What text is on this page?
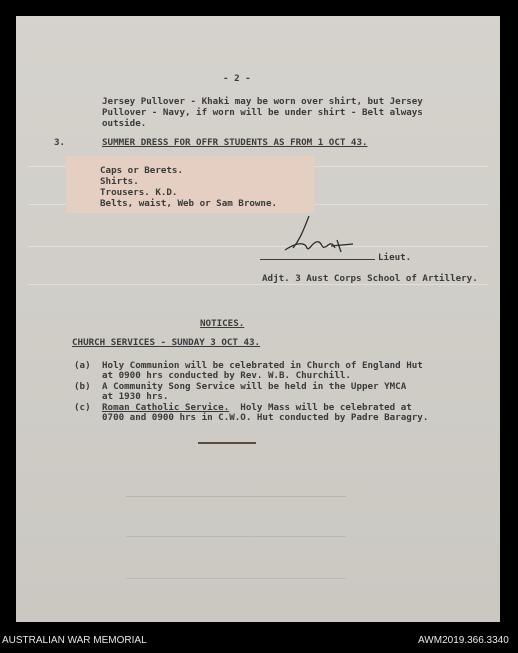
- 2 -
Jersey Pullover - Khaki may be worn over shirt, but Jersey
Pullover - Navy, if worn will be under shirt - Belt always
outside.
3.	SUMMER DRESS FOR OFFR STUDENTS AS FROM 1 OCT 43.
Caps or Berets.
Shirts.
Trousers. K.D.
Belts, waist, Web or Sam Browne.
Lieut.
Adjt. 3 Aust Corps School of Artillery.
NOTICES.
CHURCH SERVICES - SUNDAY 3 OCT 43.
(a) Holy Communion will be celebrated in Church of England Hut
at 0900 hrs conducted by Rev. W.B. Churchill.
(b) A Community Song Service will be held in the Upper YMCA
at 1930 hrs.
(c) Roman Catholic Service.  Holy Mass will be celebrated at
0700 and 0900 hrs in C.W.O. Hut conducted by Padre Baragry.
AUSTRALIAN WAR MEMORIAL	AWM2019.366.3340
